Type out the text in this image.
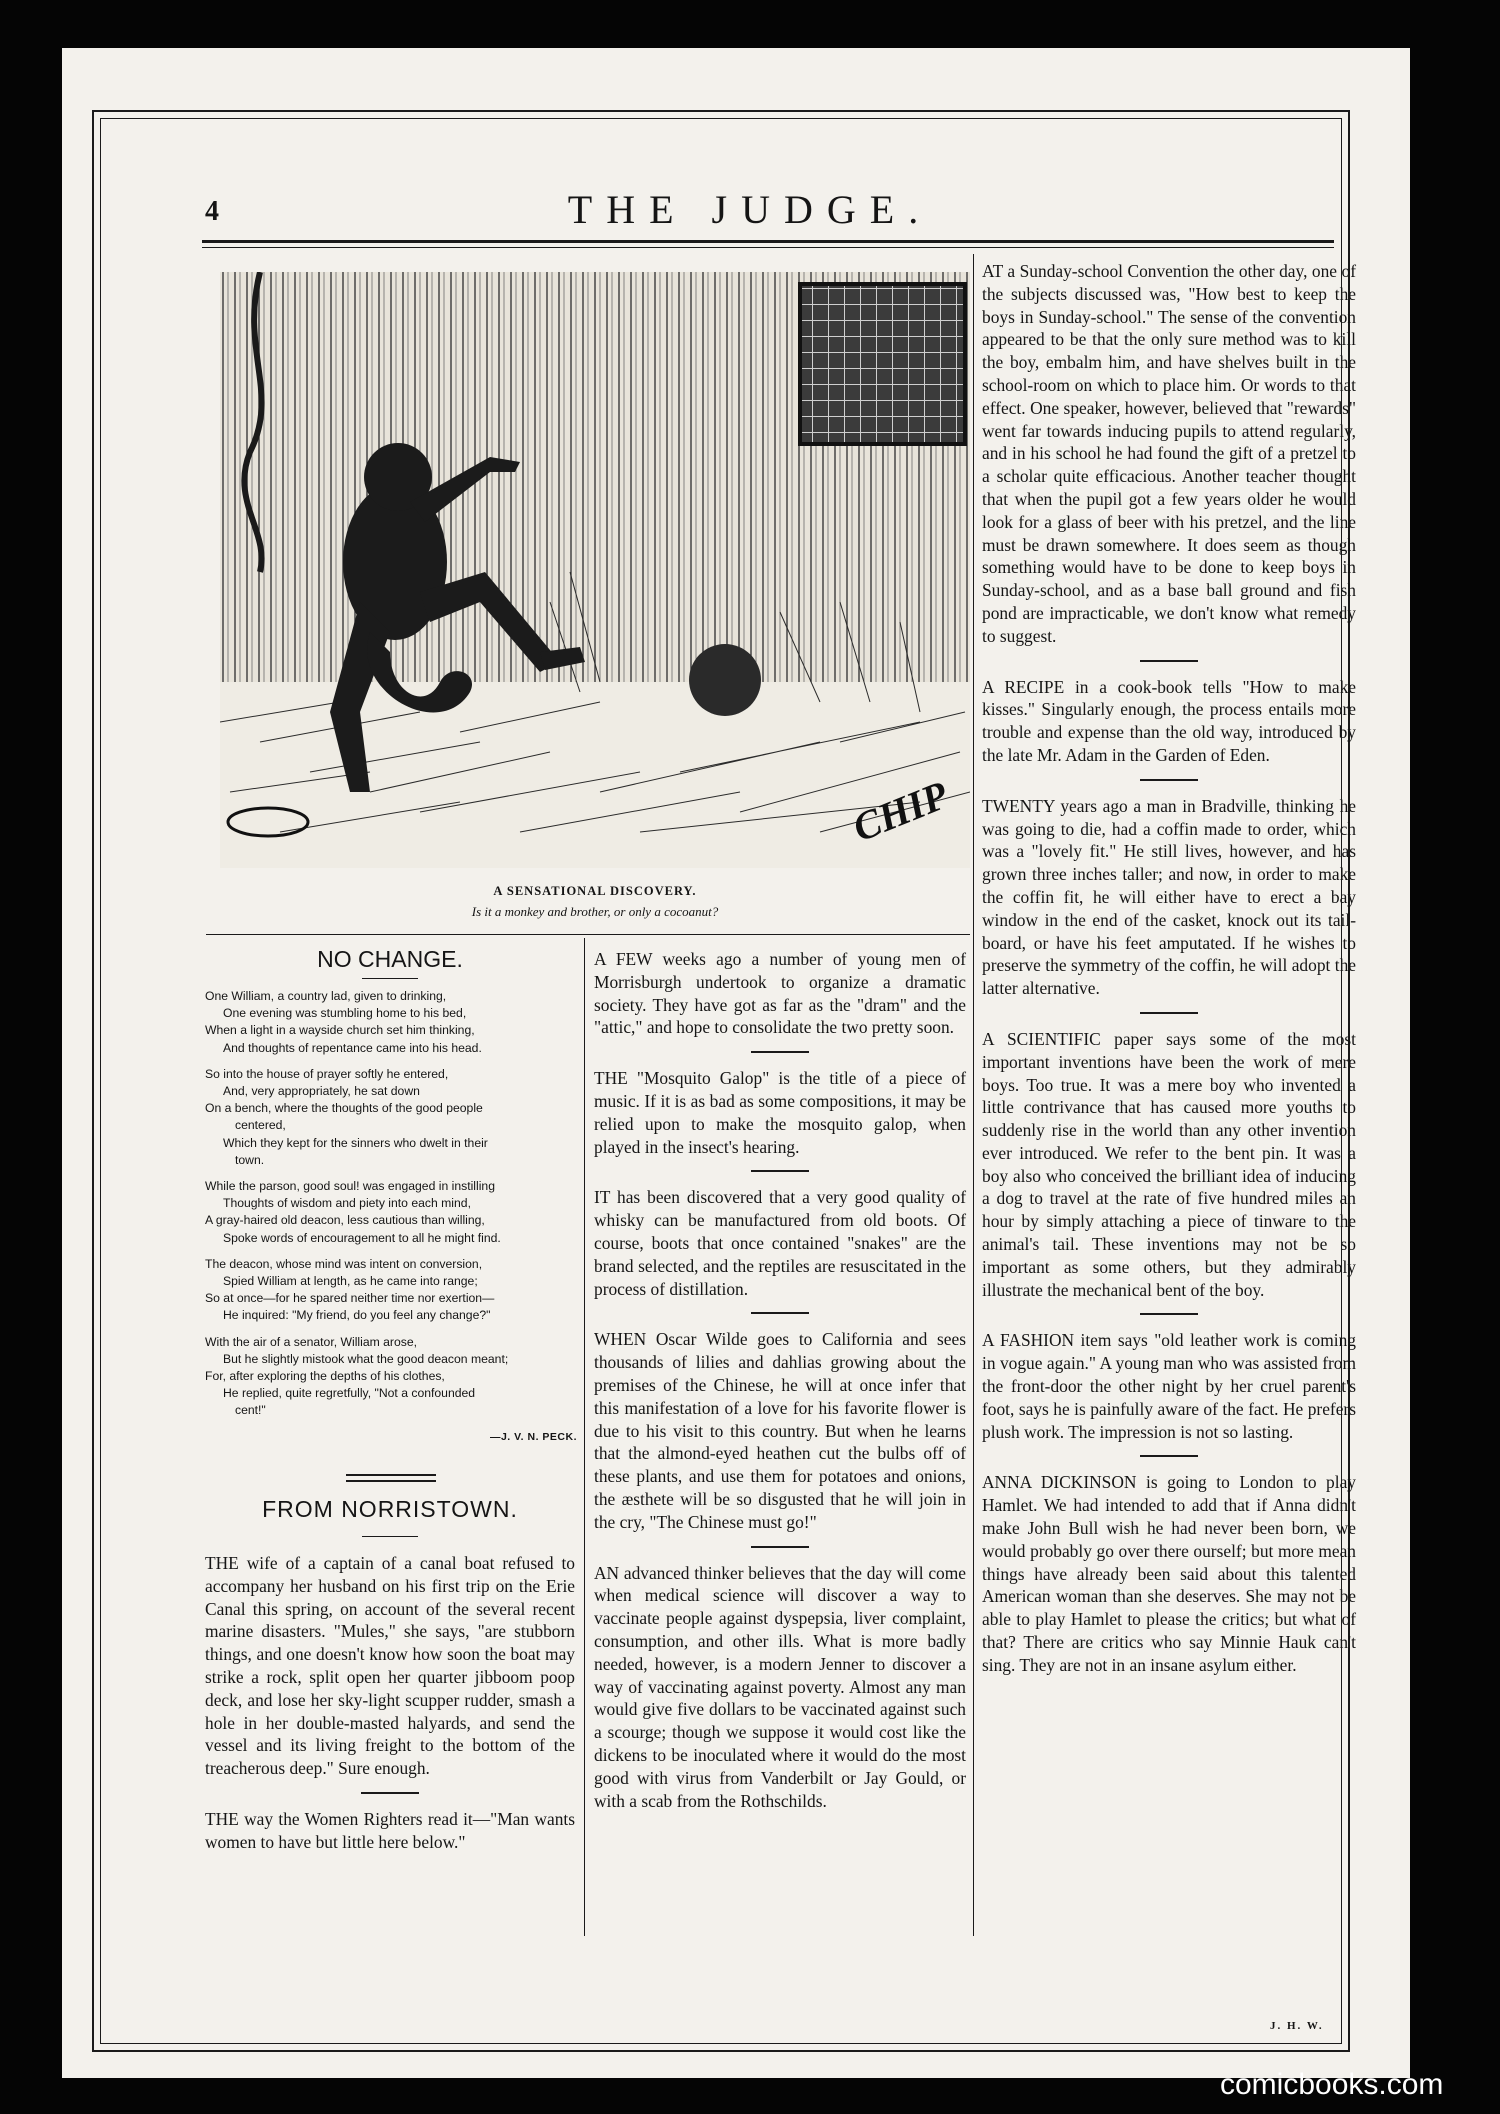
4	THE JUDGE.
CHIP
A SENSATIONAL DISCOVERY.
Is it a monkey and brother, or only a cocoanut?
NO CHANGE.
One William, a country lad, given to drinking,
One evening was stumbling home to his bed,
When a light in a wayside church set him thinking,
And thoughts of repentance came into his head.
So into the house of prayer softly he entered,
And, very appropriately, he sat down
On a bench, where the thoughts of the good people
centered,
Which they kept for the sinners who dwelt in their
town.
While the parson, good soul! was engaged in instilling
Thoughts of wisdom and piety into each mind,
A gray-haired old deacon, less cautious than willing,
Spoke words of encouragement to all he might find.
The deacon, whose mind was intent on conversion,
Spied William at length, as he came into range;
So at once—for he spared neither time nor exertion—
He inquired: "My friend, do you feel any change?"
With the air of a senator, William arose,
But he slightly mistook what the good deacon meant;
For, after exploring the depths of his clothes,
He replied, quite regretfully, "Not a confounded
cent!"
—J. V. N. PECK.
FROM NORRISTOWN.

THE wife of a captain of a canal boat refused to accompany her husband on his first trip on the Erie Canal this spring, on account of the several recent marine disasters. "Mules," she says, "are stubborn things, and one doesn't know how soon the boat may strike a rock, split open her quarter jibboom poop deck, and lose her sky-light scupper rudder, smash a hole in her double-masted halyards, and send the vessel and its living freight to the bottom of the treacherous deep." Sure enough.

THE way the Women Righters read it—"Man wants women to have but little here below."

A FEW weeks ago a number of young men of Morrisburgh undertook to organize a dramatic society. They have got as far as the "dram" and the "attic," and hope to consolidate the two pretty soon.

THE "Mosquito Galop" is the title of a piece of music. If it is as bad as some compositions, it may be relied upon to make the mosquito galop, when played in the insect's hearing.

IT has been discovered that a very good quality of whisky can be manufactured from old boots. Of course, boots that once contained "snakes" are the brand selected, and the reptiles are resuscitated in the process of distillation.

WHEN Oscar Wilde goes to California and sees thousands of lilies and dahlias growing about the premises of the Chinese, he will at once infer that this manifestation of a love for his favorite flower is due to his visit to this country. But when he learns that the almond-eyed heathen cut the bulbs off of these plants, and use them for potatoes and onions, the æsthete will be so disgusted that he will join in the cry, "The Chinese must go!"

AN advanced thinker believes that the day will come when medical science will discover a way to vaccinate people against dyspepsia, liver complaint, consumption, and other ills. What is more badly needed, however, is a modern Jenner to discover a way of vaccinating against poverty. Almost any man would give five dollars to be vaccinated against such a scourge; though we suppose it would cost like the dickens to be inoculated where it would do the most good with virus from Vanderbilt or Jay Gould, or with a scab from the Rothschilds.

AT a Sunday-school Convention the other day, one of the subjects discussed was, "How best to keep the boys in Sunday-school." The sense of the convention appeared to be that the only sure method was to kill the boy, embalm him, and have shelves built in the school-room on which to place him. Or words to that effect. One speaker, however, believed that "rewards" went far towards inducing pupils to attend regularly, and in his school he had found the gift of a pretzel to a scholar quite efficacious. Another teacher thought that when the pupil got a few years older he would look for a glass of beer with his pretzel, and the line must be drawn somewhere. It does seem as though something would have to be done to keep boys in Sunday-school, and as a base ball ground and fish pond are impracticable, we don't know what remedy to suggest.

A RECIPE in a cook-book tells "How to make kisses." Singularly enough, the process entails more trouble and expense than the old way, introduced by the late Mr. Adam in the Garden of Eden.

TWENTY years ago a man in Bradville, thinking he was going to die, had a coffin made to order, which was a "lovely fit." He still lives, however, and has grown three inches taller; and now, in order to make the coffin fit, he will either have to erect a bay window in the end of the casket, knock out its tail-board, or have his feet amputated. If he wishes to preserve the symmetry of the coffin, he will adopt the latter alternative.

A SCIENTIFIC paper says some of the most important inventions have been the work of mere boys. Too true. It was a mere boy who invented a little contrivance that has caused more youths to suddenly rise in the world than any other invention ever introduced. We refer to the bent pin. It was a boy also who conceived the brilliant idea of inducing a dog to travel at the rate of five hundred miles an hour by simply attaching a piece of tinware to the animal's tail. These inventions may not be so important as some others, but they admirably illustrate the mechanical bent of the boy.

A FASHION item says "old leather work is coming in vogue again." A young man who was assisted from the front-door the other night by her cruel parent's foot, says he is painfully aware of the fact. He prefers plush work. The impression is not so lasting.

ANNA DICKINSON is going to London to play Hamlet. We had intended to add that if Anna didn't make John Bull wish he had never been born, we would probably go over there ourself; but more mean things have already been said about this talented American woman than she deserves. She may not be able to play Hamlet to please the critics; but what of that? There are critics who say Minnie Hauk can't sing. They are not in an insane asylum either.

J. H. W.
comicbooks.com
